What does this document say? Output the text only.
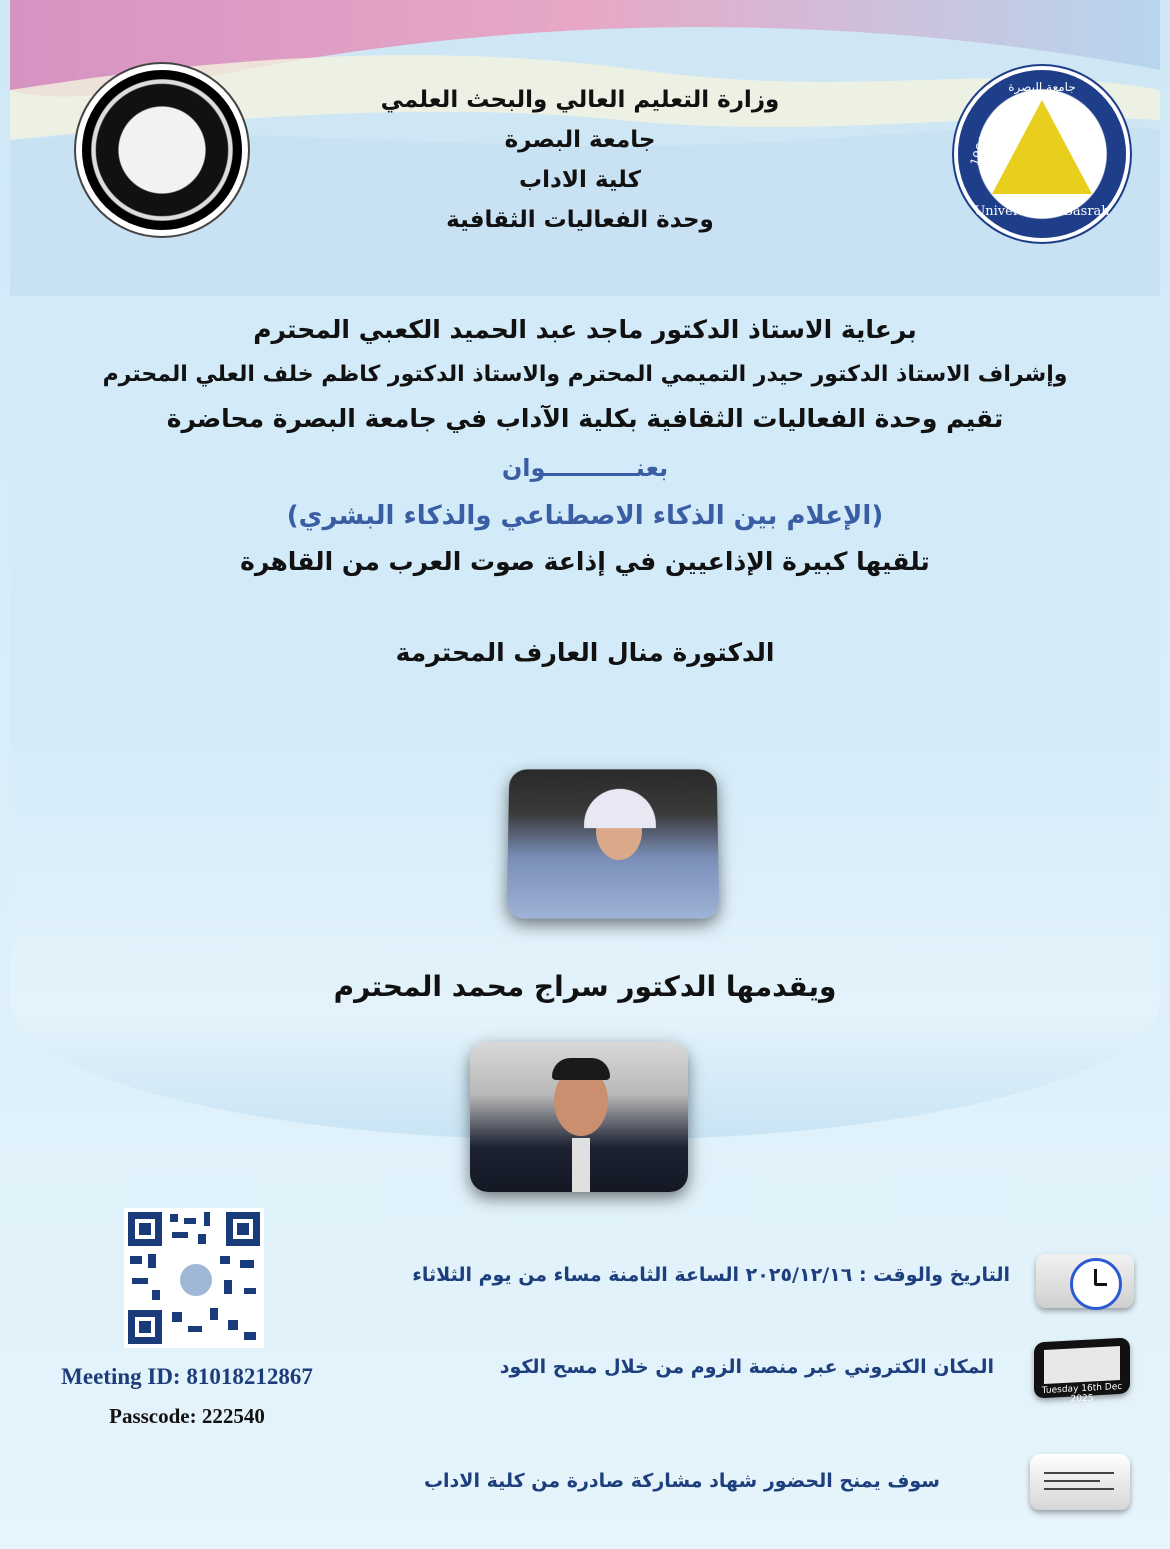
جامعة البصرة
1964
University of Basrah
وزارة التعليم العالي والبحث العلمي
جامعة البصرة
كلية الاداب
وحدة الفعاليات الثقافية
برعاية الاستاذ الدكتور ماجد عبد الحميد الكعبي المحترم
وإشراف الاستاذ الدكتور حيدر التميمي المحترم والاستاذ الدكتور كاظم خلف العلي المحترم
تقيم وحدة الفعاليات الثقافية بكلية الآداب في جامعة البصرة محاضرة
بعنـــــــــــوان
(الإعلام بين الذكاء الاصطناعي والذكاء البشري)
تلقيها كبيرة الإذاعيين في إذاعة صوت العرب من القاهرة
الدكتورة منال العارف المحترمة
ويقدمها الدكتور سراج محمد المحترم
Meeting ID: 81018212867
Passcode: 222540
التاريخ والوقت : ٢٠٢٥/١٢/١٦ الساعة الثامنة مساء من يوم الثلاثاء
Tuesday 16th Dec 2025
المكان الكتروني عبر منصة الزوم من خلال مسح الكود
سوف يمنح الحضور شهاد مشاركة صادرة من كلية الاداب
